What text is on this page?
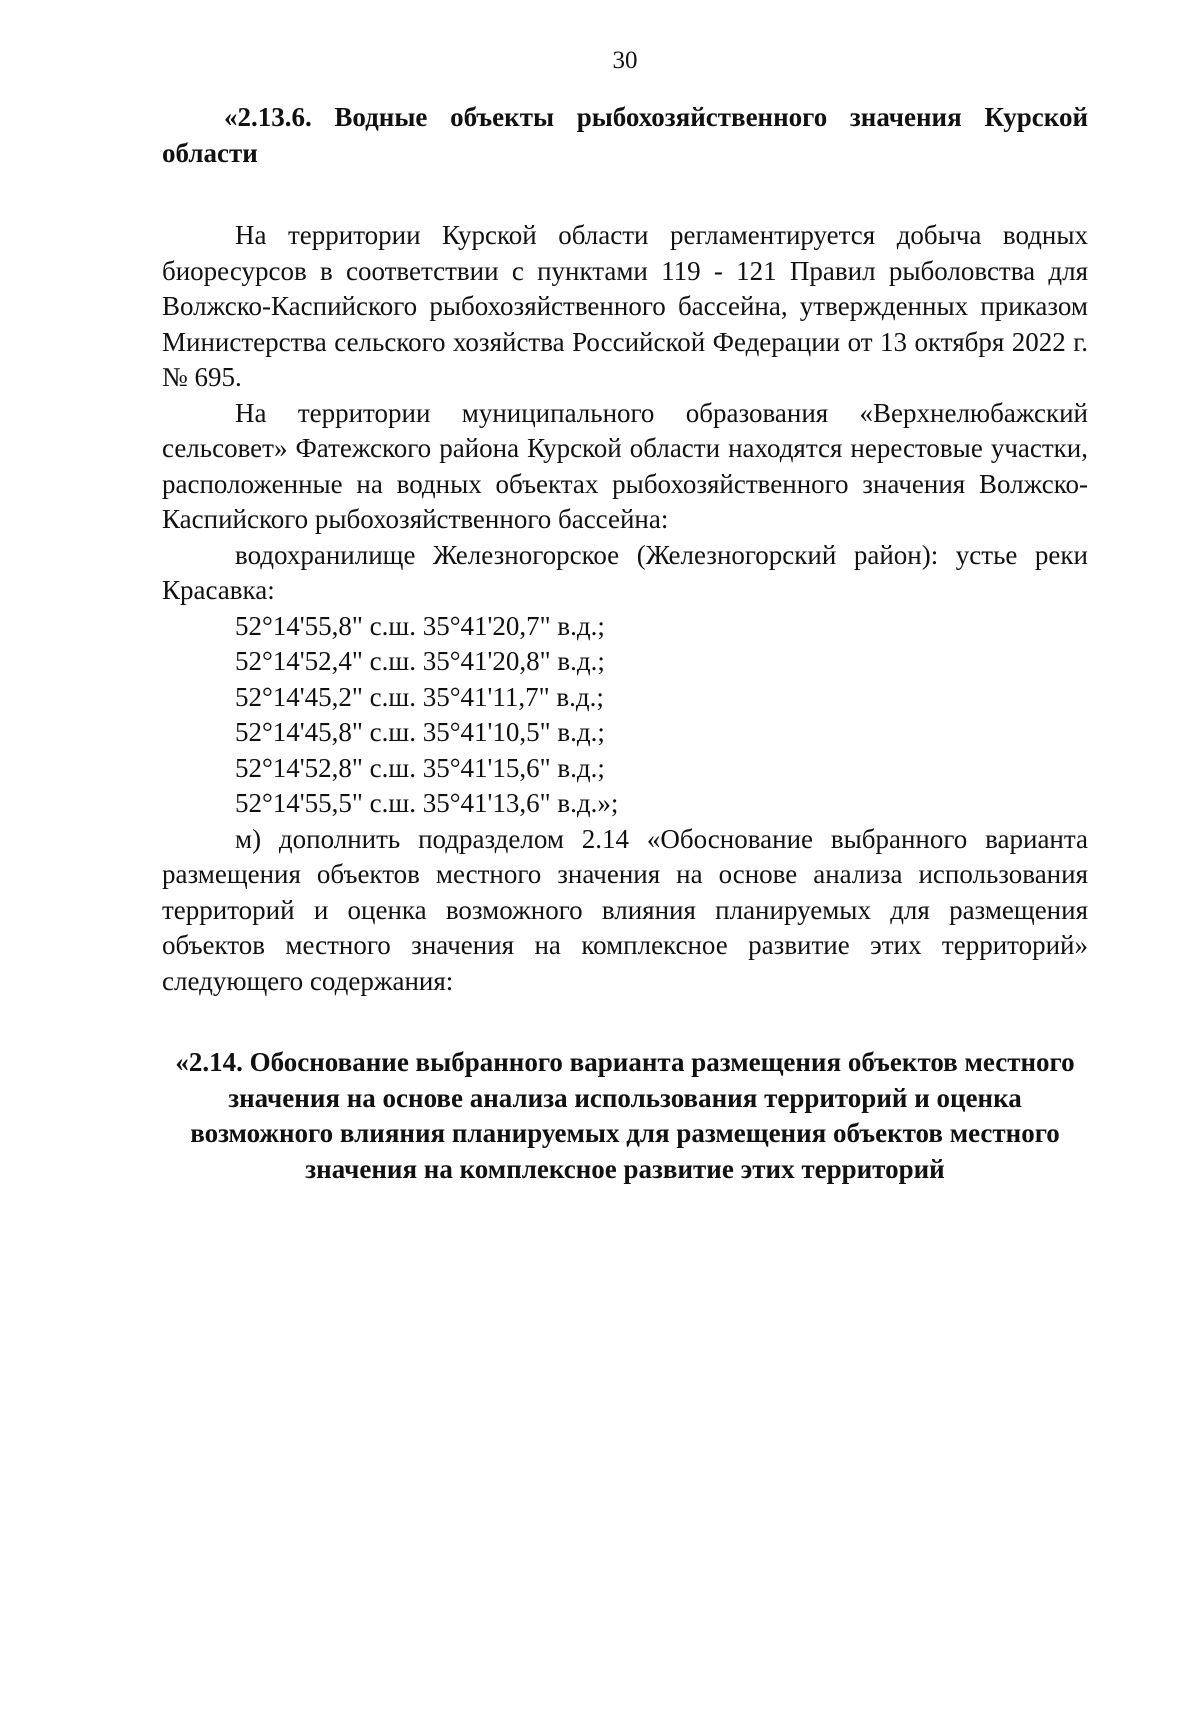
30

«2.13.6. Водные объекты рыбохозяйственного значения Курской области

На территории Курской области регламентируется добыча водных биоресурсов в соответствии с пунктами 119 - 121 Правил рыболовства для Волжско-Каспийского рыбохозяйственного бассейна, утвержденных приказом Министерства сельского хозяйства Российской Федерации от 13 октября 2022 г. № 695.

На территории муниципального образования «Верхнелюбажский сельсовет» Фатежского района Курской области находятся нерестовые участки, расположенные на водных объектах рыбохозяйственного значения Волжско-Каспийского рыбохозяйственного бассейна:

водохранилище Железногорское (Железногорский район): устье реки Красавка:

52°14'55,8" с.ш. 35°41'20,7" в.д.;

52°14'52,4" с.ш. 35°41'20,8" в.д.;

52°14'45,2" с.ш. 35°41'11,7" в.д.;

52°14'45,8" с.ш. 35°41'10,5" в.д.;

52°14'52,8" с.ш. 35°41'15,6" в.д.;

52°14'55,5" с.ш. 35°41'13,6" в.д.»;

м) дополнить подразделом 2.14 «Обоснование выбранного варианта размещения объектов местного значения на основе анализа использования территорий и оценка возможного влияния планируемых для размещения объектов местного значения на комплексное развитие этих территорий» следующего содержания:

«2.14. Обоснование выбранного варианта размещения объектов местного значения на основе анализа использования территорий и оценка возможного влияния планируемых для размещения объектов местного значения на комплексное развитие этих территорий
